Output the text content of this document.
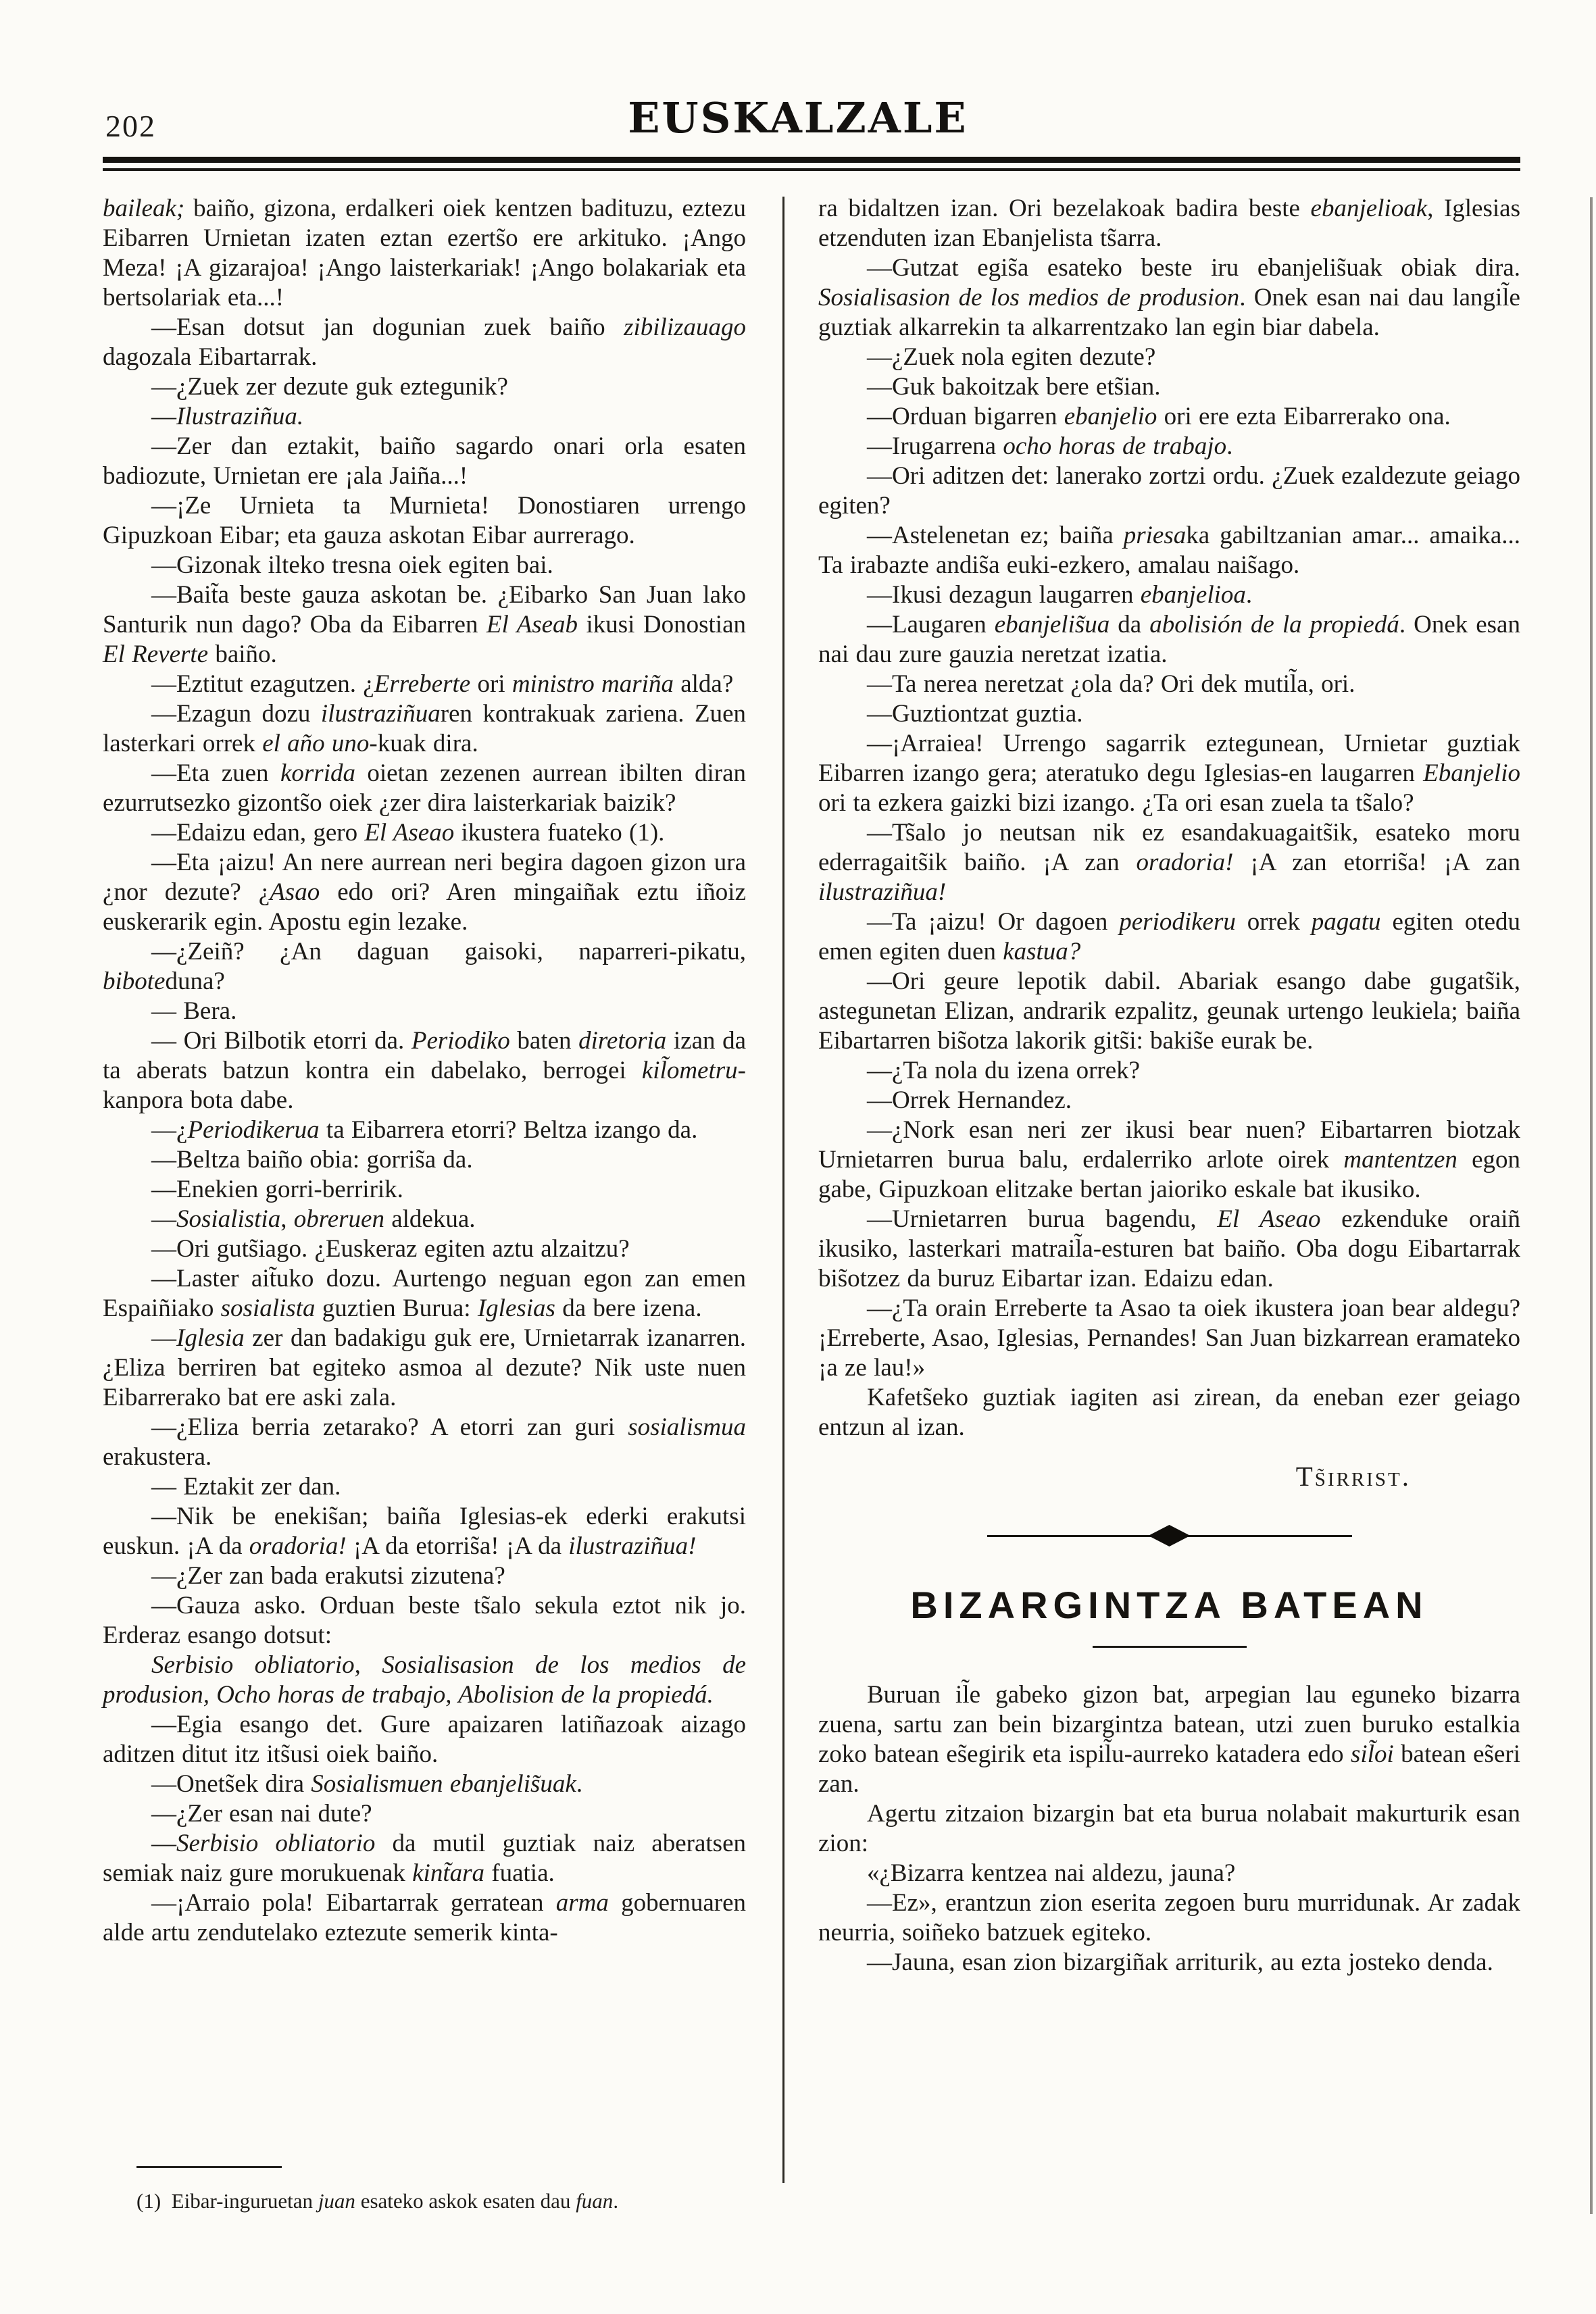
202	EUSKALZALE

baileak; baiño, gizona, erdalkeri oiek kentzen badituzu, eztezu Eibarren Urnietan izaten eztan ezerts̃o ere arkituko. ¡Ango Meza! ¡A gizarajoa! ¡Ango laisterkariak! ¡Ango bolakariak eta bertsolariak eta...!

—Esan dotsut jan dogunian zuek baiño zibilizauago dagozala Eibartarrak.

—¿Zuek zer dezute guk eztegunik?

—Ilustraziñua.

—Zer dan eztakit, baiño sagardo onari orla esaten badiozute, Urnietan ere ¡ala Jaiña...!

—¡Ze Urnieta ta Murnieta! Donostiaren urrengo Gipuzkoan Eibar; eta gauza askotan Eibar aurrerago.

—Gizonak ilteko tresna oiek egiten bai.

—Bait̃a beste gauza askotan be. ¿Eibarko San Juan lako Santurik nun dago? Oba da Eibarren El Aseab ikusi Donostian El Reverte baiño.

—Eztitut ezagutzen. ¿Erreberte ori ministro mariña alda?

—Ezagun dozu ilustraziñuaren kontrakuak zariena. Zuen lasterkari orrek el año uno-kuak dira.

—Eta zuen korrida oietan zezenen aurrean ibilten diran ezurrutsezko gizonts̃o oiek ¿zer dira laisterkariak baizik?

—Edaizu edan, gero El Aseao ikustera fuateko (1).

—Eta ¡aizu! An nere aurrean neri begira dagoen gizon ura ¿nor dezute? ¿Asao edo ori? Aren mingaiñak eztu iñoiz euskerarik egin. Apostu egin lezake.

—¿Zeiñ? ¿An daguan gaisoki, naparreri-pikatu, biboteduna?

— Bera.

— Ori Bilbotik etorri da. Periodiko baten diretoria izan da ta aberats batzun kontra ein dabelako, berrogei kil̃ometru-kanpora bota dabe.

—¿Periodikerua ta Eibarrera etorri? Beltza izango da.

—Beltza baiño obia: gorris̃a da.

—Enekien gorri-berririk.

—Sosialistia, obreruen aldekua.

—Ori guts̃iago. ¿Euskeraz egiten aztu alzaitzu?

—Laster ait̃uko dozu. Aurtengo neguan egon zan emen Espaiñiako sosialista guztien Burua: Iglesias da bere izena.

—Iglesia zer dan badakigu guk ere, Urnietarrak izanarren. ¿Eliza berriren bat egiteko asmoa al dezute? Nik uste nuen Eibarrerako bat ere aski zala.

—¿Eliza berria zetarako? A etorri zan guri sosialismua erakustera.

— Eztakit zer dan.

—Nik be enekis̃an; baiña Iglesias-ek ederki erakutsi euskun. ¡A da oradoria! ¡A da etorris̃a! ¡A da ilustraziñua!

—¿Zer zan bada erakutsi zizutena?

—Gauza asko. Orduan beste ts̃alo sekula eztot nik jo. Erderaz esango dotsut:

Serbisio obliatorio, Sosialisasion de los medios de produsion, Ocho horas de trabajo, Abolision de la propiedá.

—Egia esango det. Gure apaizaren latiñazoak aizago aditzen ditut itz its̃usi oiek baiño.

—Onets̃ek dira Sosialismuen ebanjelis̃uak.

—¿Zer esan nai dute?

—Serbisio obliatorio da mutil guztiak naiz aberatsen semiak naiz gure morukuenak kint̃ara fuatia.

—¡Arraio pola! Eibartarrak gerratean arma gobernuaren alde artu zendutelako eztezute semerik kinta-

(1) Eibar-inguruetan juan esateko askok esaten dau fuan.

ra bidaltzen izan. Ori bezelakoak badira beste ebanjelioak, Iglesias etzenduten izan Ebanjelista ts̃arra.

—Gutzat egis̃a esateko beste iru ebanjelis̃uak obiak dira. Sosialisasion de los medios de produsion. Onek esan nai dau langil̃e guztiak alkarrekin ta alkarrentzako lan egin biar dabela.

—¿Zuek nola egiten dezute?

—Guk bakoitzak bere ets̃ian.

—Orduan bigarren ebanjelio ori ere ezta Eibarrerako ona.

—Irugarrena ocho horas de trabajo.

—Ori aditzen det: lanerako zortzi ordu. ¿Zuek ezaldezute geiago egiten?

—Astelenetan ez; baiña priesaka gabiltzanian amar... amaika... Ta irabazte andis̃a euki-ezkero, amalau nais̃ago.

—Ikusi dezagun laugarren ebanjelioa.

—Laugaren ebanjelis̃ua da abolisión de la propiedá. Onek esan nai dau zure gauzia neretzat izatia.

—Ta nerea neretzat ¿ola da? Ori dek mutil̃a, ori.

—Guztiontzat guztia.

—¡Arraiea! Urrengo sagarrik eztegunean, Urnietar guztiak Eibarren izango gera; ateratuko degu Iglesias-en laugarren Ebanjelio ori ta ezkera gaizki bizi izango. ¿Ta ori esan zuela ta ts̃alo?

—Ts̃alo jo neutsan nik ez esandakuagaits̃ik, esateko moru ederragaits̃ik baiño. ¡A zan oradoria! ¡A zan etorris̃a! ¡A zan ilustraziñua!

—Ta ¡aizu! Or dagoen periodikeru orrek pagatu egiten otedu emen egiten duen kastua?

—Ori geure lepotik dabil. Abariak esango dabe gugats̃ik, astegunetan Elizan, andrarik ezpalitz, geunak urtengo leukiela; baiña Eibartarren bis̃otza lakorik gits̃i: bakis̃e eurak be.

—¿Ta nola du izena orrek?

—Orrek Hernandez.

—¿Nork esan neri zer ikusi bear nuen? Eibartarren biotzak Urnietarren burua balu, erdalerriko arlote oirek mantentzen egon gabe, Gipuzkoan elitzake bertan jaioriko eskale bat ikusiko.

—Urnietarren burua bagendu, El Aseao ezkenduke oraiñ ikusiko, lasterkari matrail̃a-esturen bat baiño. Oba dogu Eibartarrak bis̃otzez da buruz Eibartar izan. Edaizu edan.

—¿Ta orain Erreberte ta Asao ta oiek ikustera joan bear aldegu? ¡Erreberte, Asao, Iglesias, Pernandes! San Juan bizkarrean eramateko ¡a ze lau!»

Kafets̃eko guztiak iagiten asi zirean, da eneban ezer geiago entzun al izan.

Ts̃irrist.
BIZARGINTZA BATEAN

Buruan il̃e gabeko gizon bat, arpegian lau eguneko bizarra zuena, sartu zan bein bizargintza batean, utzi zuen buruko estalkia zoko batean es̃egirik eta ispil̃u-aurreko katadera edo sil̃oi batean es̃eri zan.

Agertu zitzaion bizargin bat eta burua nolabait makurturik esan zion:

«¿Bizarra kentzea nai aldezu, jauna?

—Ez», erantzun zion eserita zegoen buru murridunak. Ar zadak neurria, soiñeko batzuek egiteko.

—Jauna, esan zion bizargiñak arriturik, au ezta josteko denda.
